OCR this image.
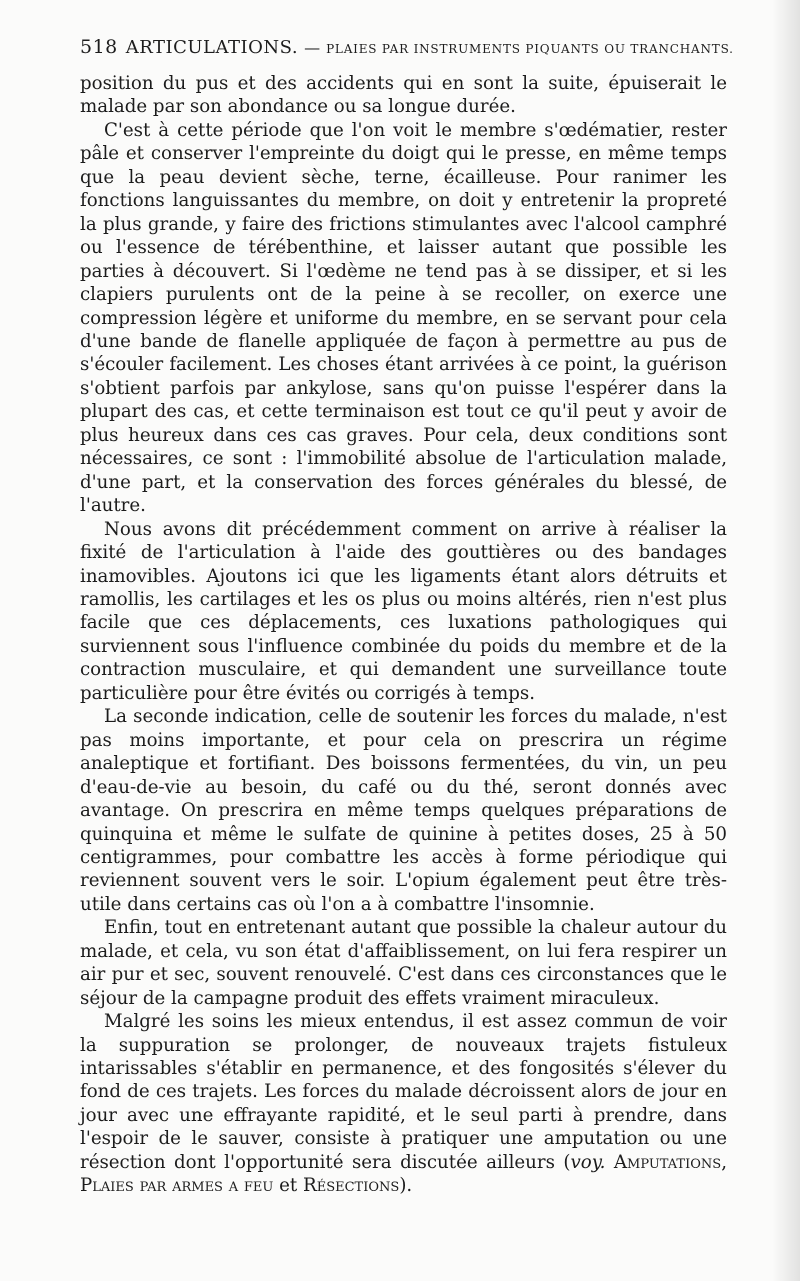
518 ARTICULATIONS. — PLAIES PAR INSTRUMENTS PIQUANTS OU TRANCHANTS.

position du pus et des accidents qui en sont la suite, épuiserait le malade par son abondance ou sa longue durée.

C'est à cette période que l'on voit le membre s'œdématier, rester pâle et conserver l'empreinte du doigt qui le presse, en même temps que la peau devient sèche, terne, écailleuse. Pour ranimer les fonctions languissantes du membre, on doit y entretenir la propreté la plus grande, y faire des frictions stimulantes avec l'alcool camphré ou l'essence de térébenthine, et laisser autant que possible les parties à découvert. Si l'œdème ne tend pas à se dissiper, et si les clapiers purulents ont de la peine à se recoller, on exerce une compression légère et uniforme du membre, en se servant pour cela d'une bande de flanelle appliquée de façon à permettre au pus de s'écouler facilement. Les choses étant arrivées à ce point, la guérison s'obtient parfois par ankylose, sans qu'on puisse l'espérer dans la plupart des cas, et cette terminaison est tout ce qu'il peut y avoir de plus heureux dans ces cas graves. Pour cela, deux conditions sont nécessaires, ce sont : l'immobilité absolue de l'articulation malade, d'une part, et la conservation des forces générales du blessé, de l'autre.

Nous avons dit précédemment comment on arrive à réaliser la fixité de l'articulation à l'aide des gouttières ou des bandages inamovibles. Ajoutons ici que les ligaments étant alors détruits et ramollis, les cartilages et les os plus ou moins altérés, rien n'est plus facile que ces déplacements, ces luxations pathologiques qui surviennent sous l'influence combinée du poids du membre et de la contraction musculaire, et qui demandent une surveillance toute particulière pour être évités ou corrigés à temps.

La seconde indication, celle de soutenir les forces du malade, n'est pas moins importante, et pour cela on prescrira un régime analeptique et fortifiant. Des boissons fermentées, du vin, un peu d'eau-de-vie au besoin, du café ou du thé, seront donnés avec avantage. On prescrira en même temps quelques préparations de quinquina et même le sulfate de quinine à petites doses, 25 à 50 centigrammes, pour combattre les accès à forme périodique qui reviennent souvent vers le soir. L'opium également peut être très-utile dans certains cas où l'on a à combattre l'insomnie.

Enfin, tout en entretenant autant que possible la chaleur autour du malade, et cela, vu son état d'affaiblissement, on lui fera respirer un air pur et sec, souvent renouvelé. C'est dans ces circonstances que le séjour de la campagne produit des effets vraiment miraculeux.

Malgré les soins les mieux entendus, il est assez commun de voir la suppuration se prolonger, de nouveaux trajets fistuleux intarissables s'établir en permanence, et des fongosités s'élever du fond de ces trajets. Les forces du malade décroissent alors de jour en jour avec une effrayante rapidité, et le seul parti à prendre, dans l'espoir de le sauver, consiste à pratiquer une amputation ou une résection dont l'opportunité sera discutée ailleurs (voy. Amputations, Plaies par armes a feu et Résections).
